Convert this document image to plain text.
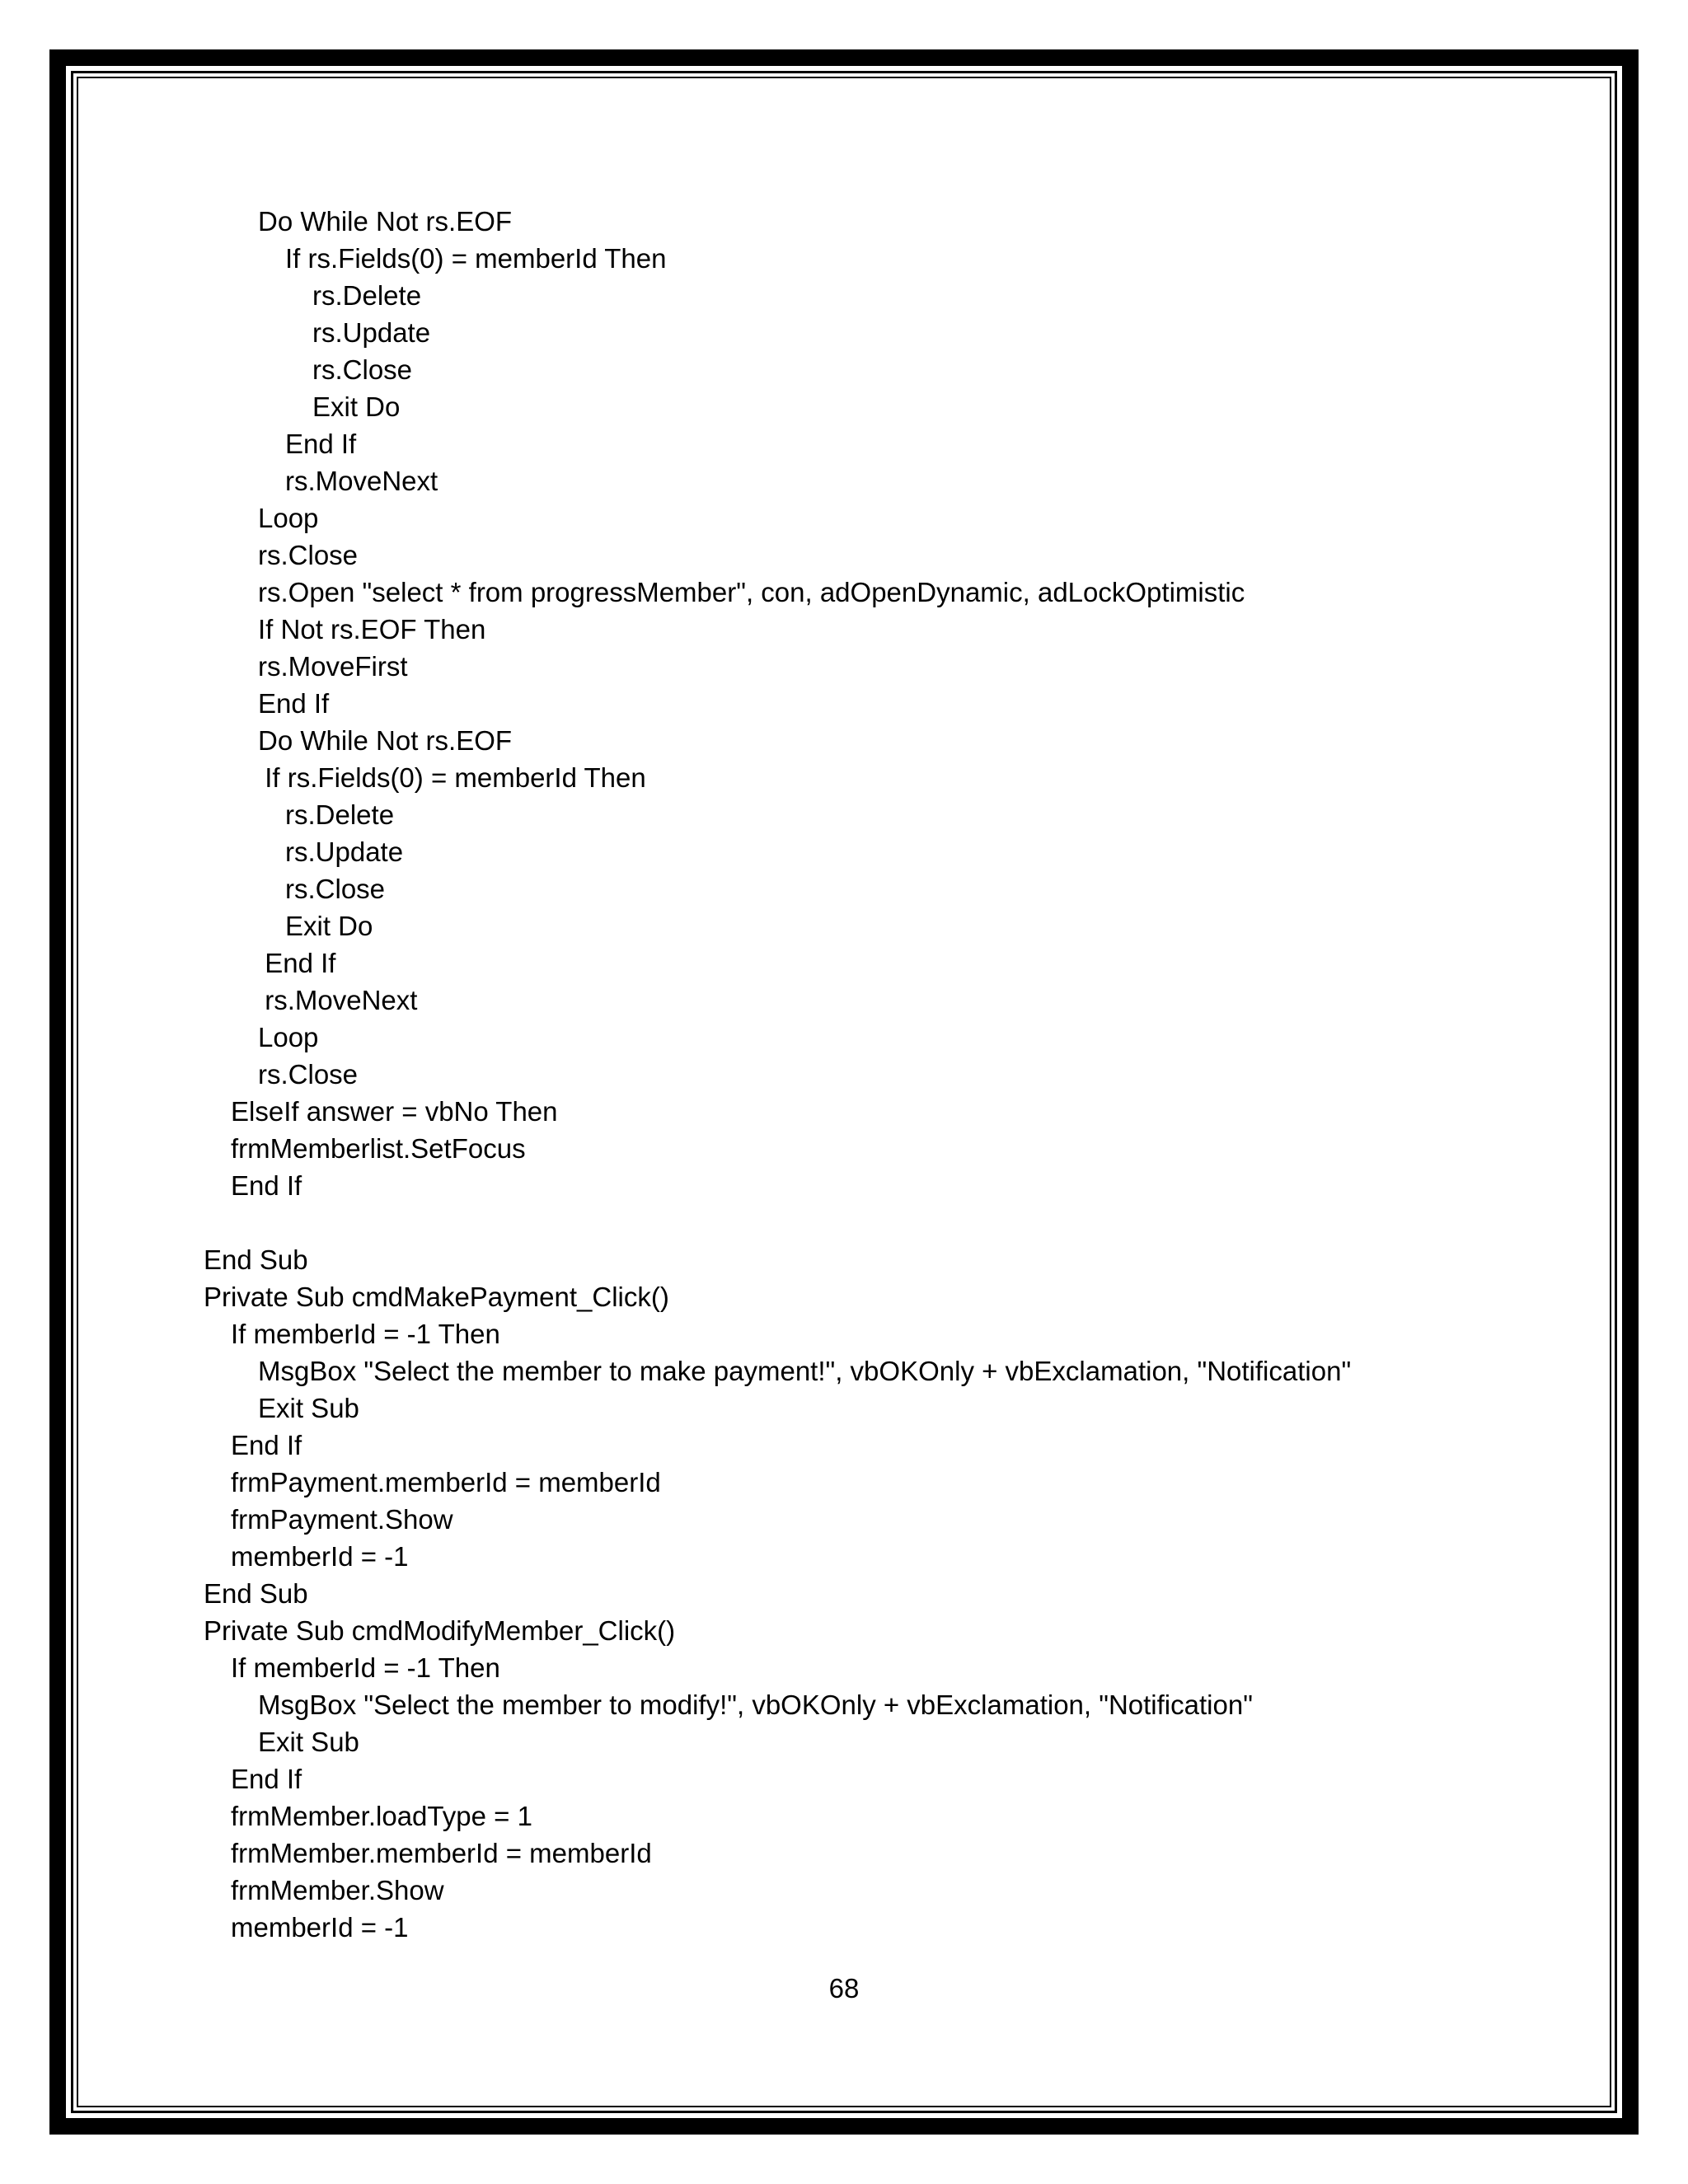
Do While Not rs.EOF
If rs.Fields(0) = memberId Then
rs.Delete
rs.Update
rs.Close
Exit Do
End If
rs.MoveNext
Loop
rs.Close
rs.Open "select * from progressMember", con, adOpenDynamic, adLockOptimistic
If Not rs.EOF Then
rs.MoveFirst
End If
Do While Not rs.EOF
If rs.Fields(0) = memberId Then
rs.Delete
rs.Update
rs.Close
Exit Do
End If
rs.MoveNext
Loop
rs.Close
ElseIf answer = vbNo Then
frmMemberlist.SetFocus
End If
End Sub
Private Sub cmdMakePayment_Click()
If memberId = -1 Then
MsgBox "Select the member to make payment!", vbOKOnly + vbExclamation, "Notification"
Exit Sub
End If
frmPayment.memberId = memberId
frmPayment.Show
memberId = -1
End Sub
Private Sub cmdModifyMember_Click()
If memberId = -1 Then
MsgBox "Select the member to modify!", vbOKOnly + vbExclamation, "Notification"
Exit Sub
End If
frmMember.loadType = 1
frmMember.memberId = memberId
frmMember.Show
memberId = -1
68
